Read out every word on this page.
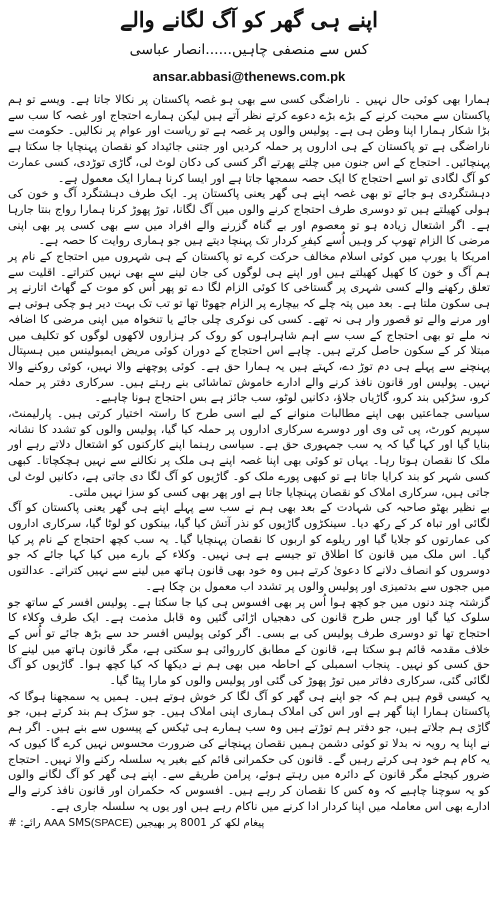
اپنے ہی گھر کو آگ لگانے والے
کس سے منصفی چاہیں......انصار عباسی
ansar.abbasi@thenews.com.pk

ہمارا بھی کوئی حال نہیں ۔ ناراضگی کسی سے بھی ہو غصہ پاکستان پر نکالا جاتا ہے۔ ویسے تو ہم پاکستان سے محبت کرنے کے بڑے بڑے دعوے کرتے نظر آتے ہیں لیکن ہمارے احتجاج اور غصہ کا سب سے بڑا شکار ہمارا اپنا وطن ہی ہے۔ پولیس والوں پر غصہ ہے تو ریاست اور عوام پر نکالیں۔ حکومت سے ناراضگی ہے تو پاکستان کے ہی اداروں پر حملہ کردیں اور جتنی جائیداد کو نقصان پہنچایا جا سکتا ہے پہنچائیں۔ احتجاج کے اس جنون میں چلتے پھرتے اگر کسی کی دکان لوٹ لی، گاڑی توڑدی، کسی عمارت کو آگ لگادی تو اسے احتجاج کا ایک حصہ سمجھا جاتا ہے اور ایسا کرنا ہمارا ایک معمول ہے۔

دہشتگردی ہو جائے تو بھی غصہ اپنے ہی گھر یعنی پاکستان پر۔ ایک طرف دہشتگرد آگ و خون کی ہولی کھیلتے ہیں تو دوسری طرف احتجاج کرنے والوں میں آگ لگانا، توڑ پھوڑ کرنا ہمارا رواج بنتا جارہا ہے۔ اگر اشتعال زیادہ ہو تو معصوم اور بے گناہ گزرنے والے افراد میں سے بھی کسی پر بھی اپنی مرضی کا الزام تھوپ کر وہیں اُسے کیفرِ کردار تک پہنچا دیتے ہیں جو ہماری روایت کا حصہ ہے۔

امریکا یا یورپ میں کوئی اسلام مخالف حرکت کرے تو پاکستان کے ہی شہروں میں احتجاج کے نام پر ہم آگ و خون کا کھیل کھیلتے ہیں اور اپنے ہی لوگوں کی جان لینے سے بھی نہیں کتراتے۔ اقلیت سے تعلق رکھنے والے کسی شہری پر گستاخی کا کوئی الزام لگا دے تو پھر اُس کو موت کے گھاٹ اتارنے پر ہی سکون ملتا ہے۔ بعد میں پتہ چلے کہ بیچارے پر الزام جھوٹا تھا تو تب تک بہت دیر ہو چکی ہوتی ہے اور مرنے والے تو قصور وار ہی نہ تھے۔ کسی کی نوکری چلی جائے یا تنخواہ میں اپنی مرضی کا اضافہ نہ ملے تو بھی احتجاج کے سب سے اہم شاہراہوں کو روک کر ہزاروں لاکھوں لوگوں کو تکلیف میں مبتلا کر کے سکون حاصل کرتے ہیں۔ چاہے اس احتجاج کے دوران کوئی مریض ایمبولینس میں ہسپتال پہنچنے سے پہلے ہی دم توڑ دے، کہتے ہیں یہ ہمارا حق ہے۔ کوئی پوچھنے والا نہیں، کوئی روکنے والا نہیں۔ پولیس اور قانون نافذ کرنے والے ادارے خاموش تماشائی بنے رہتے ہیں۔ سرکاری دفتر پر حملہ کرو، سڑکیں بند کرو، گاڑیاں جلاؤ، دکانیں لوٹو، سب جائز ہے بس احتجاج ہونا چاہیے۔

سیاسی جماعتیں بھی اپنے مطالبات منوانے کے لیے اسی طرح کا راستہ اختیار کرتی ہیں۔ پارلیمنٹ، سپریم کورٹ، پی ٹی وی اور دوسرے سرکاری اداروں پر حملہ کیا گیا، پولیس والوں کو تشدد کا نشانہ بنایا گیا اور کہا گیا کہ یہ سب جمہوری حق ہے۔ سیاسی رہنما اپنے کارکنوں کو اشتعال دلاتے رہے اور ملک کا نقصان ہوتا رہا۔ یہاں تو کوئی بھی اپنا غصہ اپنے ہی ملک پر نکالنے سے نہیں ہچکچاتا۔ کبھی کسی شہر کو بند کرایا جاتا ہے تو کبھی پورے ملک کو۔ گاڑیوں کو آگ لگا دی جاتی ہے، دکانیں لوٹ لی جاتی ہیں، سرکاری املاک کو نقصان پہنچایا جاتا ہے اور پھر بھی کسی کو سزا نہیں ملتی۔

بے نظیر بھٹو صاحبہ کی شہادت کے بعد بھی ہم نے سب سے پہلے اپنے ہی گھر یعنی پاکستان کو آگ لگائی اور تباہ کر کے رکھ دیا۔ سینکڑوں گاڑیوں کو نذر آتش کیا گیا، بینکوں کو لوٹا گیا، سرکاری اداروں کی عمارتوں کو جلایا گیا اور ریلوے کو اربوں کا نقصان پہنچایا گیا۔ یہ سب کچھ احتجاج کے نام پر کیا گیا۔ اس ملک میں قانون کا اطلاق تو جیسے ہے ہی نہیں۔ وکلاء کے بارے میں کیا کہا جائے کہ جو دوسروں کو انصاف دلانے کا دعویٰ کرتے ہیں وہ خود بھی قانون ہاتھ میں لینے سے نہیں کتراتے۔ عدالتوں میں ججوں سے بدتمیزی اور پولیس والوں پر تشدد اب معمول بن چکا ہے۔

گزشتہ چند دنوں میں جو کچھ ہوا اُس پر بھی افسوس ہی کیا جا سکتا ہے۔ پولیس افسر کے ساتھ جو سلوک کیا گیا اور جس طرح قانون کی دھجیاں اڑائی گئیں وہ قابل مذمت ہے۔ ایک طرف وکلاء کا احتجاج تھا تو دوسری طرف پولیس کی بے بسی۔ اگر کوئی پولیس افسر حد سے بڑھ جائے تو اُس کے خلاف مقدمہ قائم ہو سکتا ہے، قانون کے مطابق کارروائی ہو سکتی ہے، مگر قانون ہاتھ میں لینے کا حق کسی کو نہیں۔ پنجاب اسمبلی کے احاطہ میں بھی ہم نے دیکھا کہ کیا کچھ ہوا۔ گاڑیوں کو آگ لگائی گئی، سرکاری دفاتر میں توڑ پھوڑ کی گئی اور پولیس والوں کو مارا پیٹا گیا۔

یہ کیسی قوم ہیں ہم کہ جو اپنے ہی گھر کو آگ لگا کر خوش ہوتے ہیں۔ ہمیں یہ سمجھنا ہوگا کہ پاکستان ہمارا اپنا گھر ہے اور اس کی املاک ہماری اپنی املاک ہیں۔ جو سڑک ہم بند کرتے ہیں، جو گاڑی ہم جلاتے ہیں، جو دفتر ہم توڑتے ہیں وہ سب ہمارے ہی ٹیکس کے پیسوں سے بنے ہیں۔ اگر ہم نے اپنا یہ رویہ نہ بدلا تو کوئی دشمن ہمیں نقصان پہنچانے کی ضرورت محسوس نہیں کرے گا کیوں کہ یہ کام ہم خود ہی کرتے رہیں گے۔ قانون کی حکمرانی قائم کیے بغیر یہ سلسلہ رکنے والا نہیں۔ احتجاج ضرور کیجئے مگر قانون کے دائرہ میں رہتے ہوئے، پرامن طریقے سے۔ اپنے ہی گھر کو آگ لگانے والوں کو یہ سوچنا چاہیے کہ وہ کس کا نقصان کر رہے ہیں۔ افسوس کہ حکمران اور قانون نافذ کرنے والے ادارے بھی اس معاملہ میں اپنا کردار ادا کرنے میں ناکام رہے ہیں اور یوں یہ سلسلہ جاری ہے۔

پیغام لکھ کر 8001 پر بھیجیں (SPACE)AAA SMS رائے: #
